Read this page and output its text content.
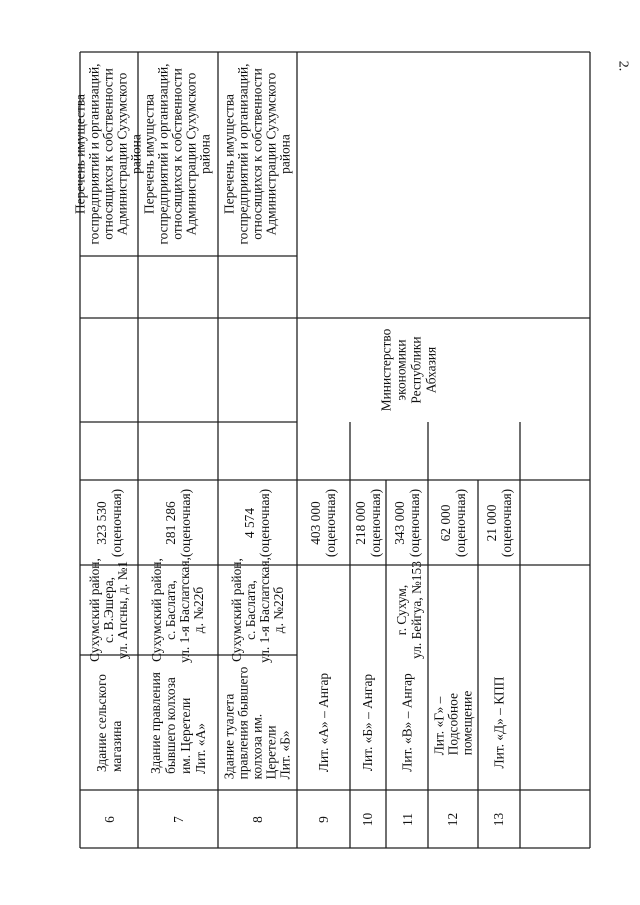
2.
6
Здание сельского
магазина
Сухумский район,
с. В.Эшера,
ул. Апсны, д. №1
323 530
(оценочная)
Перечень имущества
госпредприятий и организаций,
относящихся к собственности
Администрации Сухумского
района
7
Здание правления
бывшего колхоза
им. Церетели
Лит. «А»
Сухумский район,
с. Баслата,
ул. 1-я Баслатская,
д. №22б
281 286
(оценочная)
Перечень имущества
госпредприятий и организаций,
относящихся к собственности
Администрации Сухумского
района
8
Здание туалета
правления бывшего
колхоза им.
Церетели
Лит. «Б»
Сухумский район,
с. Баслата,
ул. 1-я Баслатская,
д. №22б
4 574
(оценочная)
Перечень имущества
госпредприятий и организаций,
относящихся к собственности
Администрации Сухумского
района
9
Лит. «А» – Ангар
403 000
(оценочная)
10
Лит. «Б» – Ангар
218 000
(оценочная)
11
Лит. «В» – Ангар
343 000
(оценочная)
12
Лит. «Г» –
Подсобное
помещение
62 000
(оценочная)
13
Лит. «Д» – КПП
21 000
(оценочная)
г. Сухум,
ул. Бейгуа, №153
Министерство
экономики
Республики
Абхазия
